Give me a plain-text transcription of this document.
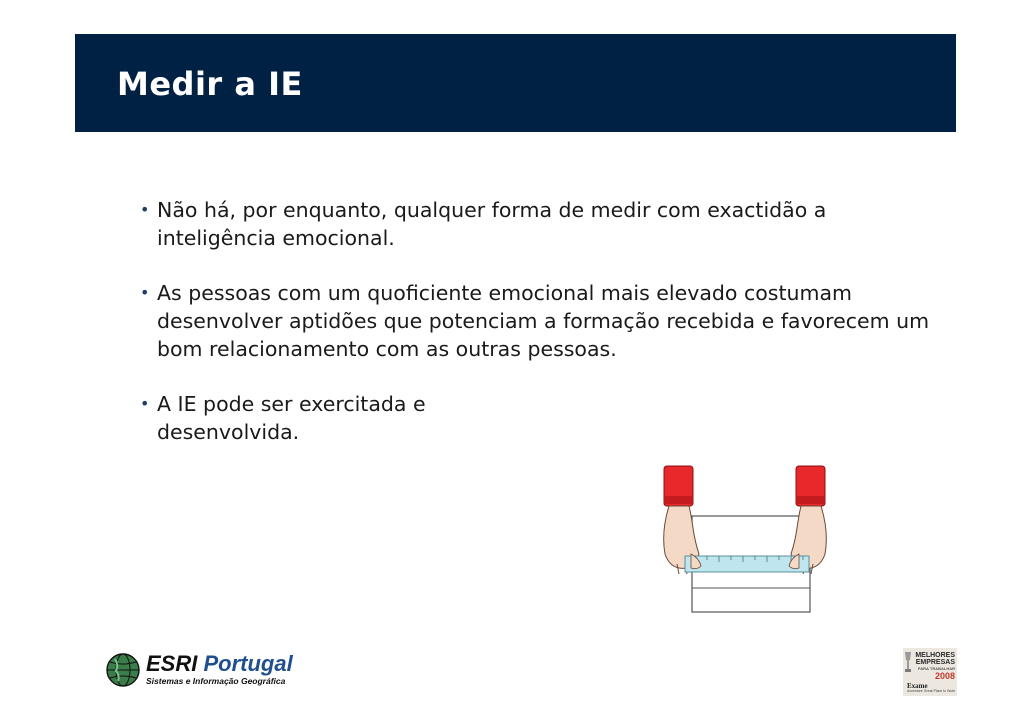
Medir a IE
• Não há, por enquanto, qualquer forma de medir com exactidão a inteligência emocional.
• As pessoas com um quoficiente emocional mais elevado costumam desenvolver aptidões que potenciam a formação recebida e favorecem um bom relacionamento com as outras pessoas.
• A IE pode ser exercitada e desenvolvida.
ESRI Portugal
Sistemas e Informação Geográfica
MELHORES
EMPRESAS
PARA TRABALHAR
2008
Exame
Accenture Great Place to Work
